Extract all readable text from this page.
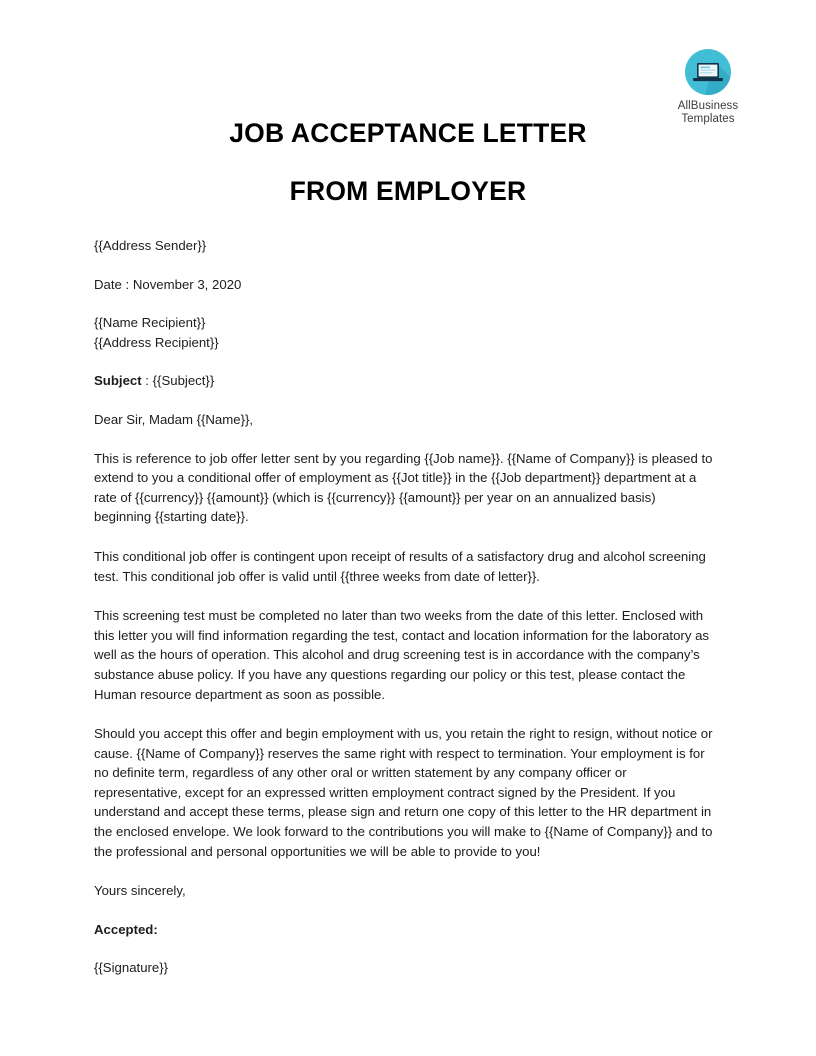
AllBusiness
Templates
JOB ACCEPTANCE LETTER
FROM EMPLOYER
{{Address Sender}}
Date : November 3, 2020
{{Name Recipient}}
{{Address Recipient}}
Subject : {{Subject}}
Dear Sir, Madam {{Name}},

This is reference to job offer letter sent by you regarding {{Job name}}. {{Name of Company}} is pleased to extend to you a conditional offer of employment as {{Jot title}} in the {{Job department}} department at a rate of {{currency}} {{amount}} (which is {{currency}} {{amount}} per year on an annualized basis) beginning {{starting date}}.

This conditional job offer is contingent upon receipt of results of a satisfactory drug and alcohol screening test. This conditional job offer is valid until {{three weeks from date of letter}}.

This screening test must be completed no later than two weeks from the date of this letter. Enclosed with this letter you will find information regarding the test, contact and location information for the laboratory as well as the hours of operation. This alcohol and drug screening test is in accordance with the company’s substance abuse policy. If you have any questions regarding our policy or this test, please contact the Human resource department as soon as possible.

Should you accept this offer and begin employment with us, you retain the right to resign, without notice or cause. {{Name of Company}} reserves the same right with respect to termination. Your employment is for no definite term, regardless of any other oral or written statement by any company officer or representative, except for an expressed written employment contract signed by the President. If you understand and accept these terms, please sign and return one copy of this letter to the HR department in the enclosed envelope. We look forward to the contributions you will make to {{Name of Company}} and to the professional and personal opportunities we will be able to provide to you!

Yours sincerely,
Accepted:
{{Signature}}
